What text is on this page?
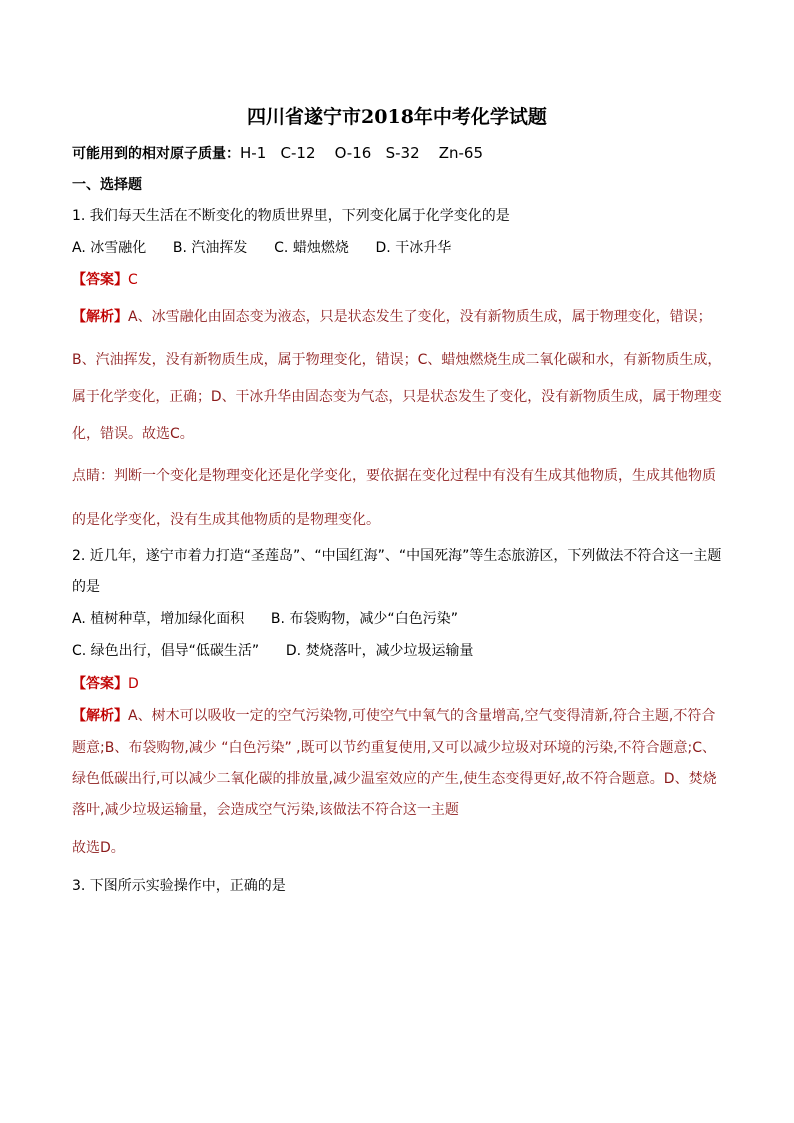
四川省遂宁市2018年中考化学试题
可能用到的相对原子质量：H-1   C-12    O-16   S-32    Zn-65
一、选择题
1. 我们每天生活在不断变化的物质世界里，下列变化属于化学变化的是
A. 冰雪融化      B. 汽油挥发      C. 蜡烛燃烧      D. 干冰升华
【答案】C
【解析】A、冰雪融化由固态变为液态，只是状态发生了变化，没有新物质生成，属于物理变化，错误；
B、汽油挥发，没有新物质生成，属于物理变化，错误；C、蜡烛燃烧生成二氧化碳和水，有新物质生成，
属于化学变化，正确；D、干冰升华由固态变为气态，只是状态发生了变化，没有新物质生成，属于物理变
化，错误。故选C。
点睛：判断一个变化是物理变化还是化学变化，要依据在变化过程中有没有生成其他物质，生成其他物质
的是化学变化，没有生成其他物质的是物理变化。
2. 近几年，遂宁市着力打造“圣莲岛”、“中国红海”、“中国死海”等生态旅游区，下列做法不符合这一主题
的是
A. 植树种草，增加绿化面积      B. 布袋购物，减少“白色污染”
C. 绿色出行，倡导“低碳生活”      D. 焚烧落叶，减少垃圾运输量
【答案】D
【解析】A、树木可以吸收一定的空气污染物,可使空气中氧气的含量增高,空气变得清新,符合主题,不符合
题意;B、布袋购物,减少 “白色污染” ,既可以节约重复使用,又可以减少垃圾对环境的污染,不符合题意;C、
绿色低碳出行,可以减少二氧化碳的排放量,减少温室效应的产生,使生态变得更好,故不符合题意。D、焚烧
落叶,减少垃圾运输量，会造成空气污染,该做法不符合这一主题
故选D。
3. 下图所示实验操作中，正确的是
